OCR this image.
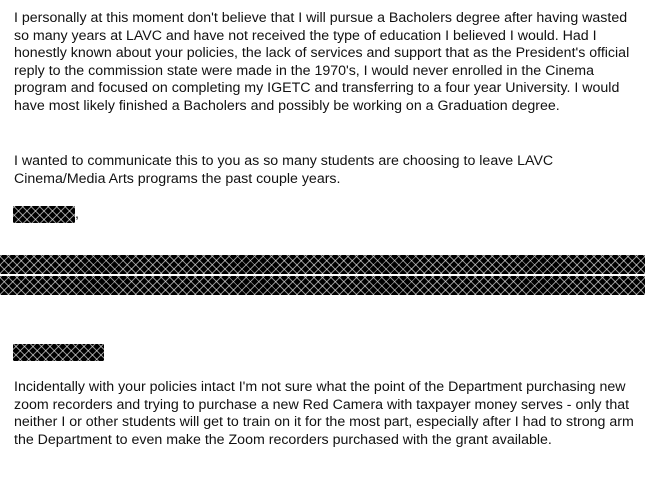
I personally at this moment don't believe that I will pursue a Bacholers degree after having wasted so many years at LAVC and have not received the type of education I believed I would. Had I honestly known about your policies, the lack of services and support that as the President's official reply to the commission state were made in the 1970's, I would never enrolled in the Cinema program and focused on completing my IGETC and transferring to a four year University. I would have most likely finished a Bacholers and possibly be working on a Graduation degree.

I wanted to communicate this to you as so many students are choosing to leave LAVC Cinema/Media Arts programs the past couple years.

,

Incidentally with your policies intact I'm not sure what the point of the Department purchasing new zoom recorders and trying to purchase a new Red Camera with taxpayer money serves - only that neither I or other students will get to train on it for the most part, especially after I had to strong arm the Department to even make the Zoom recorders purchased with the grant available.
